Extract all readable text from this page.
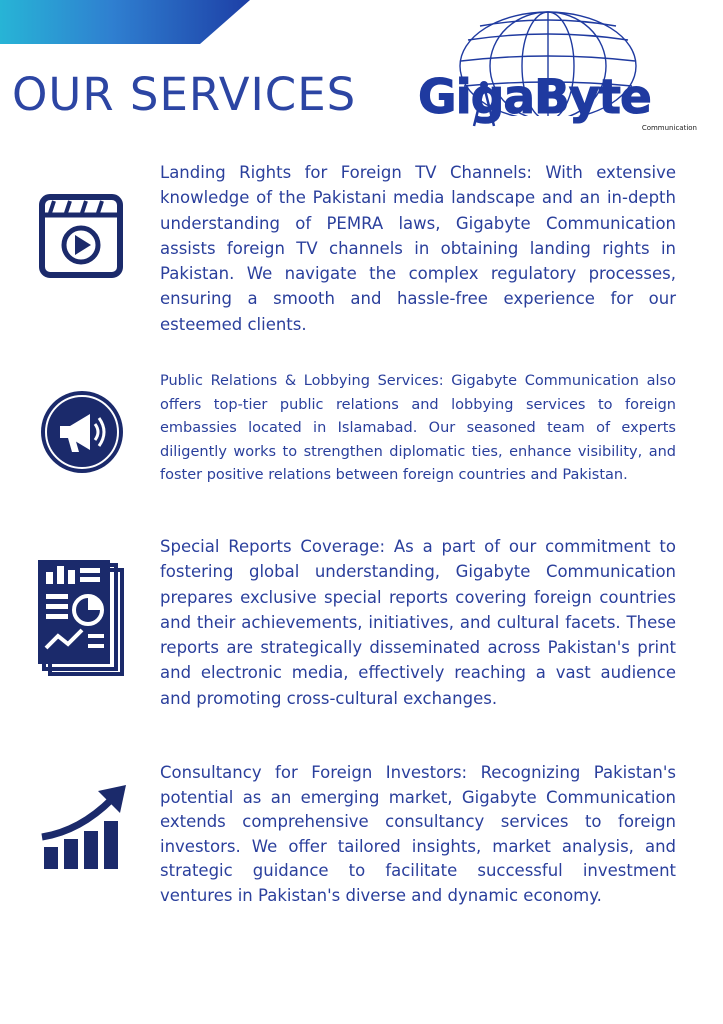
OUR SERVICES GigaByte
Communication

Landing Rights for Foreign TV Channels: With extensive knowledge of the Pakistani media landscape and an in-depth understanding of PEMRA laws, Gigabyte Communication assists foreign TV channels in obtaining landing rights in Pakistan. We navigate the complex regulatory processes, ensuring a smooth and hassle-free experience for our esteemed clients.

Public Relations & Lobbying Services: Gigabyte Communication also offers top-tier public relations and lobbying services to foreign embassies located in Islamabad. Our seasoned team of experts diligently works to strengthen diplomatic ties, enhance visibility, and foster positive relations between foreign countries and Pakistan.

Special Reports Coverage: As a part of our commitment to fostering global understanding, Gigabyte Communication prepares exclusive special reports covering foreign countries and their achievements, initiatives, and cultural facets. These reports are strategically disseminated across Pakistan's print and electronic media, effectively reaching a vast audience and promoting cross-cultural exchanges.

Consultancy for Foreign Investors: Recognizing Pakistan's potential as an emerging market, Gigabyte Communication extends comprehensive consultancy services to foreign investors. We offer tailored insights, market analysis, and strategic guidance to facilitate successful investment ventures in Pakistan's diverse and dynamic economy.
